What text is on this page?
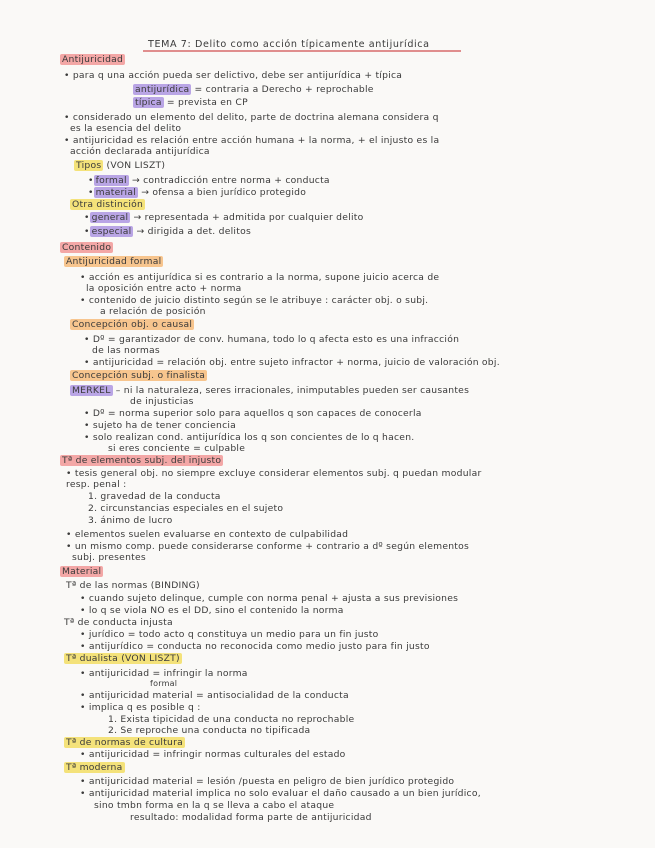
TEMA 7: Delito como acción típicamente antijurídica
Antijuricidad
• para q una acción pueda ser delictivo, debe ser antijurídica + típica
antijurídica = contraria a Derecho + reprochable
típica = prevista en CP
• considerado un elemento del delito, parte de doctrina alemana considera q
es la esencia del delito
• antijuricidad es relación entre acción humana + la norma, + el injusto es la
acción declarada antijurídica
Tipos (VON LISZT)
• formal → contradicción entre norma + conducta
• material → ofensa a bien jurídico protegido
Otra distinción
• general → representada + admitida por cualquier delito
• especial → dirigida a det. delitos
Contenido
Antijuricidad formal
• acción es antijurídica si es contrario a la norma, supone juicio acerca de
la oposición entre acto + norma
• contenido de juicio distinto según se le atribuye : carácter obj. o subj.
a relación de posición
Concepción obj. o causal
• Dº = garantizador de conv. humana, todo lo q afecta esto es una infracción
de las normas
• antijuricidad = relación obj. entre sujeto infractor + norma, juicio de valoración obj.
Concepción subj. o finalista
MERKEL – ni la naturaleza, seres irracionales, inimputables pueden ser causantes
de injusticias
• Dº = norma superior solo para aquellos q son capaces de conocerla
• sujeto ha de tener conciencia
• solo realizan cond. antijurídica los q son concientes de lo q hacen.
si eres conciente = culpable
Tª de elementos subj. del injusto
• tesis general obj. no siempre excluye considerar elementos subj. q puedan modular
resp. penal :
1. gravedad de la conducta
2. circunstancias especiales en el sujeto
3. ánimo de lucro
• elementos suelen evaluarse en contexto de culpabilidad
• un mismo comp. puede considerarse conforme + contrario a dº según elementos
subj. presentes
Material
Tª de las normas (BINDING)
• cuando sujeto delinque, cumple con norma penal + ajusta a sus previsiones
• lo q se viola NO es el DD, sino el contenido la norma
Tª de conducta injusta
• jurídico = todo acto q constituya un medio para un fin justo
• antijurídico = conducta no reconocida como medio justo para fin justo
Tª dualista (VON LISZT)
• antijuricidad = infringir la norma
formal
• antijuricidad material = antisocialidad de la conducta
• implica q es posible q :
1. Exista tipicidad de una conducta no reprochable
2. Se reproche una conducta no tipificada
Tª de normas de cultura
• antijuricidad = infringir normas culturales del estado
Tª moderna
• antijuricidad material = lesión /puesta en peligro de bien jurídico protegido
• antijuricidad material implica no solo evaluar el daño causado a un bien jurídico,
sino tmbn forma en la q se lleva a cabo el ataque
resultado: modalidad forma parte de antijuricidad
